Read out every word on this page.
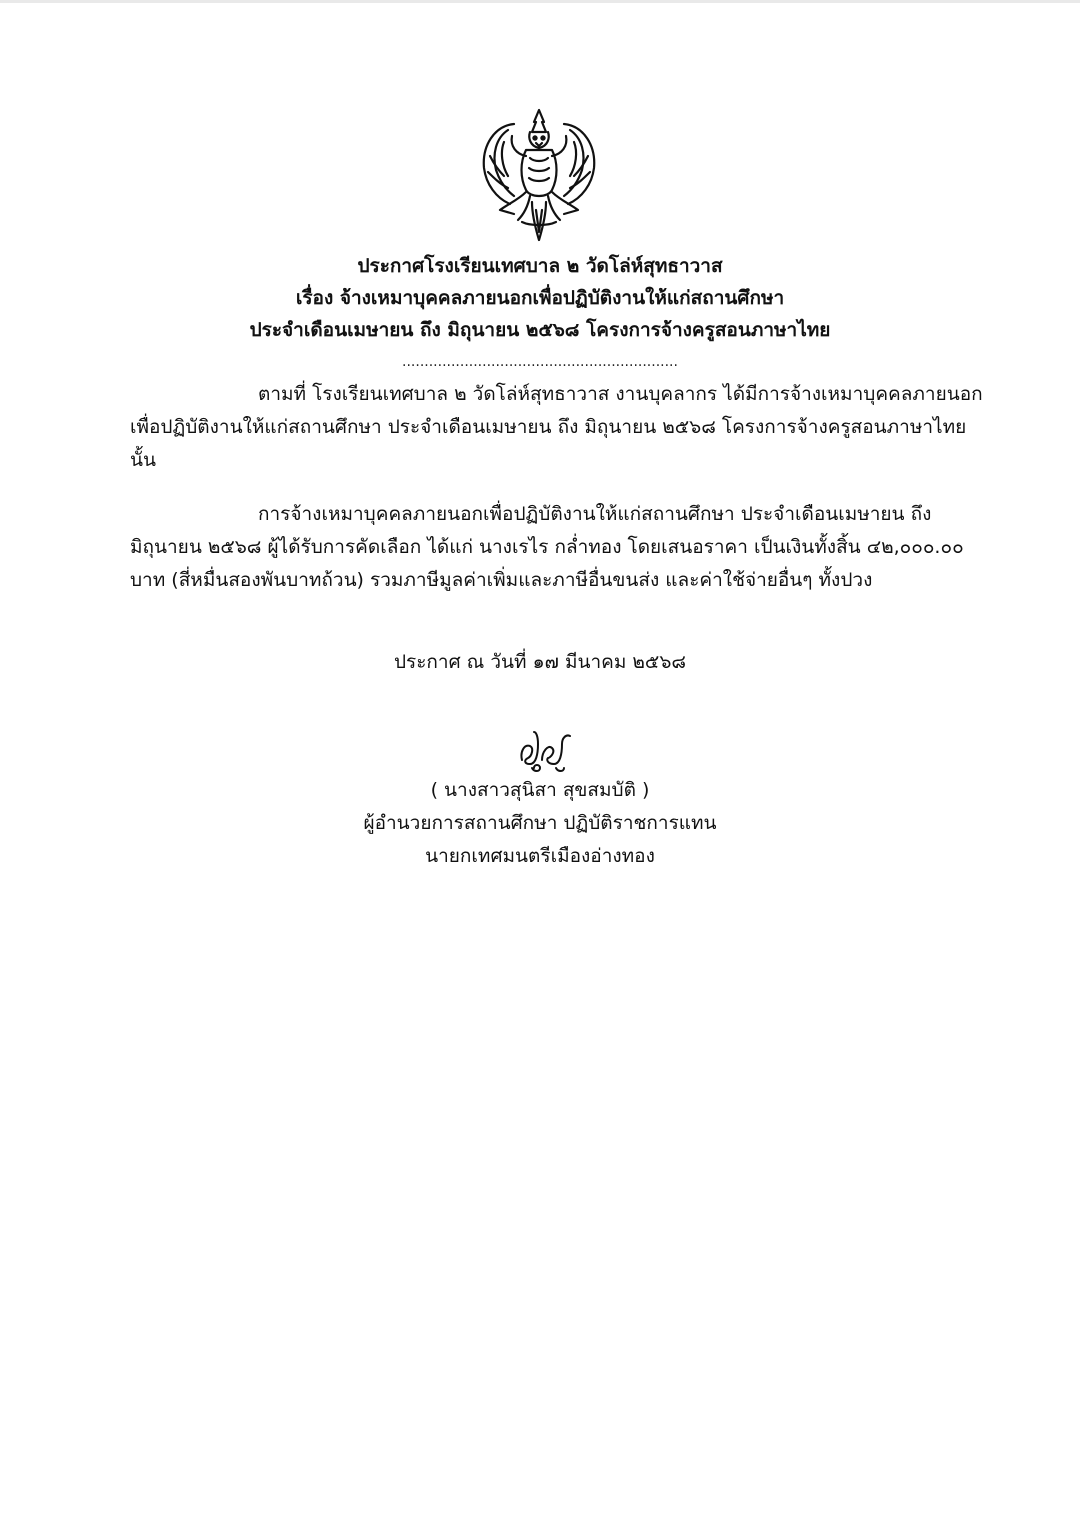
ประกาศโรงเรียนเทศบาล ๒ วัดโล่ห์สุทธาวาส
เรื่อง จ้างเหมาบุคคลภายนอกเพื่อปฏิบัติงานให้แก่สถานศึกษา
ประจำเดือนเมษายน ถึง มิถุนายน ๒๕๖๘ โครงการจ้างครูสอนภาษาไทย
..............................................................
ตามที่ โรงเรียนเทศบาล ๒ วัดโล่ห์สุทธาวาส งานบุคลากร ได้มีการจ้างเหมาบุคคลภายนอก
เพื่อปฏิบัติงานให้แก่สถานศึกษา ประจำเดือนเมษายน ถึง มิถุนายน ๒๕๖๘ โครงการจ้างครูสอนภาษาไทย
นั้น
การจ้างเหมาบุคคลภายนอกเพื่อปฏิบัติงานให้แก่สถานศึกษา ประจำเดือนเมษายน ถึง
มิถุนายน ๒๕๖๘ ผู้ได้รับการคัดเลือก ได้แก่ นางเรไร กล่ำทอง โดยเสนอราคา เป็นเงินทั้งสิ้น ๔๒,๐๐๐.๐๐
บาท (สี่หมื่นสองพันบาทถ้วน) รวมภาษีมูลค่าเพิ่มและภาษีอื่นขนส่ง และค่าใช้จ่ายอื่นๆ ทั้งปวง
ประกาศ ณ วันที่ ๑๗ มีนาคม ๒๕๖๘
( นางสาวสุนิสา สุขสมบัติ )
ผู้อำนวยการสถานศึกษา ปฏิบัติราชการแทน
นายกเทศมนตรีเมืองอ่างทอง
